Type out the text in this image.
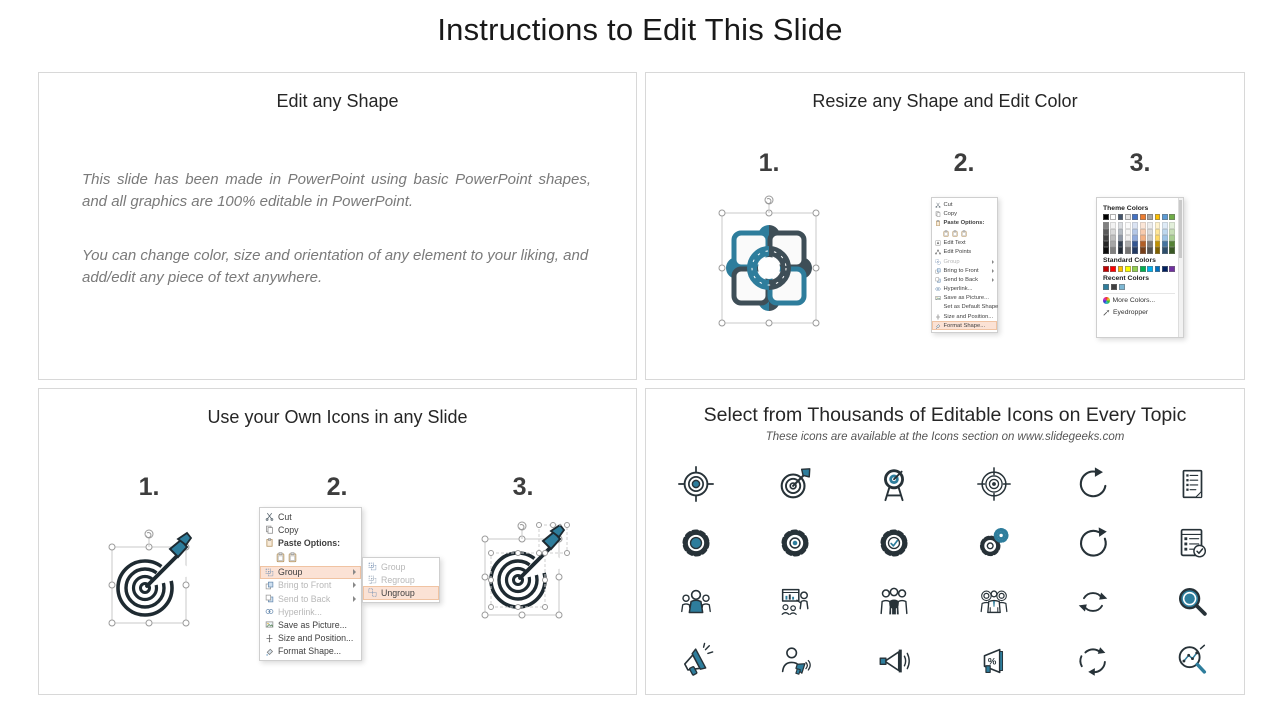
Instructions to Edit This Slide
Edit any Shape

This slide has been made in PowerPoint using basic PowerPoint shapes, and all graphics are 100% editable in PowerPoint.

You can change color, size and orientation of any element to your liking, and add/edit any piece of text anywhere.

Resize any Shape and Edit Color
1.	2.	3.
Cut
Copy
Paste Options:
Edit Text
Edit Points
Group
Bring to Front
Send to Back
Hyperlink...
Save as Picture...
Set as Default Shape
Size and Position...
Format Shape...
Theme Colors
Standard Colors
Recent Colors
More Colors...
Eyedropper
Use your Own Icons in any Slide
1.	2.	3.
Cut
Copy
Paste Options:
Group
Bring to Front
Send to Back
Hyperlink...
Save as Picture...
Size and Position...
Format Shape...
Group
Regroup
Ungroup
Select from Thousands of Editable Icons on Every Topic
These icons are available at the Icons section on www.slidegeeks.com
%
